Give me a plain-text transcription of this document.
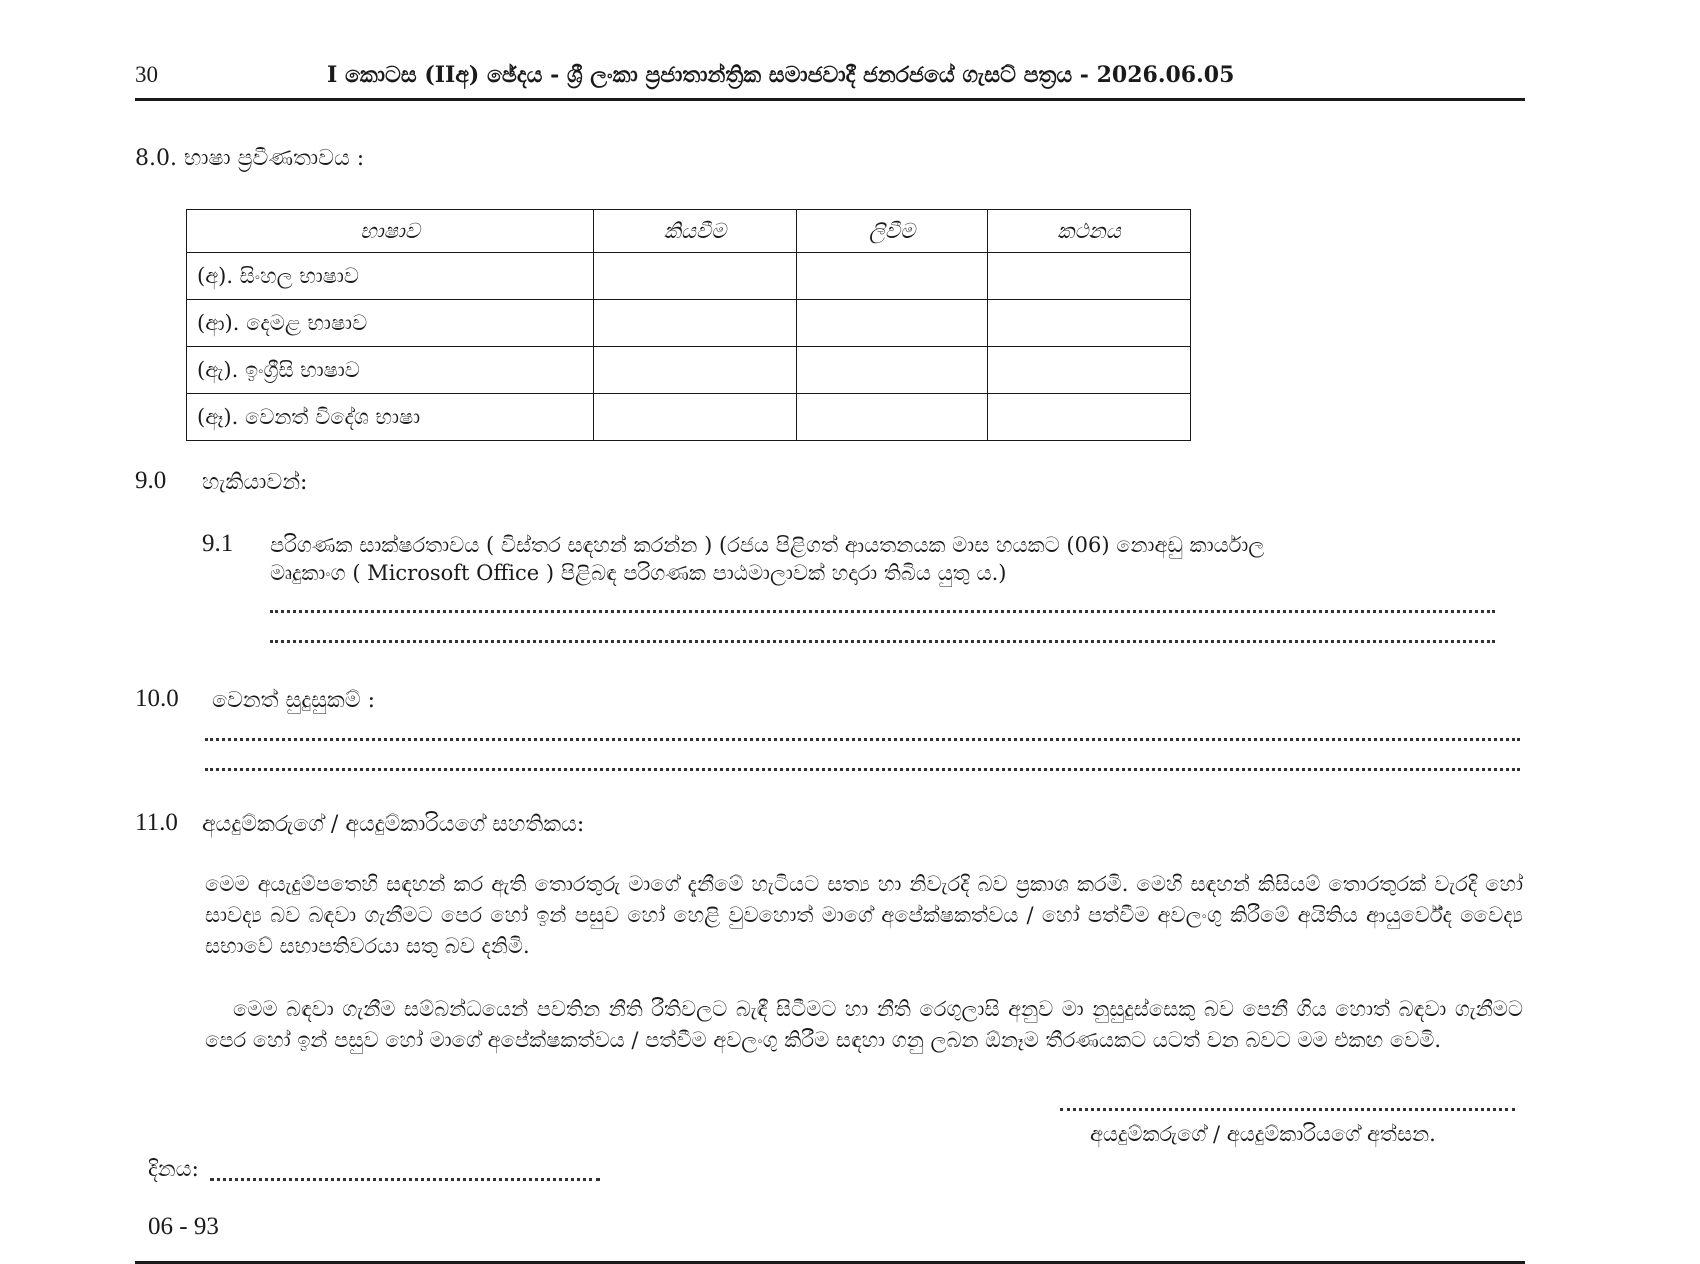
30	I කොටස (IIඅ) ඡේදය - ශ්‍රී ලංකා ප්‍රජාතාන්ත්‍රික සමාජවාදී ජනරජයේ ගැසට් පත්‍රය - 2026.06.05
8.0. භාෂා ප්‍රවීණතාවය :
භාෂාව	කියවීම	ලිවීම	කථනය
(අ). සිංහල භාෂාව			
(ආ). දෙමළ භාෂාව			
(ඇ). ඉංග්‍රීසි භාෂාව			
(ඈ). වෙනත් විදේශ භාෂා			
9.0 හැකියාවන්:
9.1 පරිගණක සාක්ෂරතාවය ( විස්තර සඳහන් කරන්න ) (රජය පිළිගත් ආයතනයක මාස හයකට (06) නොඅඩු කාර්යාල
මෘදුකාංග ( Microsoft Office ) පිළිබඳ පරිගණක පාඨමාලාවක් හදාරා තිබිය යුතු ය.)
10.0 වෙනත් සුදුසුකම් :
11.0 අයදුම්කරුගේ / අයදුම්කාරියගේ සහතිකය:
මෙම අයැදුම්පතෙහි සඳහන් කර ඇති තොරතුරු මාගේ දැනීමේ හැටියට සත්‍ය හා නිවැරදි බව ප්‍රකාශ කරමි. මෙහි සඳහන් කිසියම් තොරතුරක් වැරදි හෝ සාවද්‍ය බව බඳවා ගැනීමට පෙර හෝ ඉන් පසුව හෝ හෙළි වුවහොත් මාගේ අපේක්ෂකත්වය / හෝ පත්වීම අවලංගු කිරීමේ අයිතිය ආයුර්වේද වෛද්‍ය සභාවේ සභාපතිවරයා සතු බව දනිමි.
මෙම බඳවා ගැනීම සම්බන්ධයෙන් පවතින නීති රීතිවලට බැඳී සිටීමට හා නීති රෙගුලාසි අනුව මා නුසුදුස්සෙකු බව පෙනී ගිය හොත් බඳවා ගැනීමට පෙර හෝ ඉන් පසුව හෝ මාගේ අපේක්ෂකත්වය / පත්වීම අවලංගු කිරීම සඳහා ගනු ලබන ඕනෑම තීරණයකට යටත් වන බවට මම එකඟ වෙමි.
අයදුම්කරුගේ / අයදුම්කාරියගේ අත්සන.
දිනය:
06 - 93
